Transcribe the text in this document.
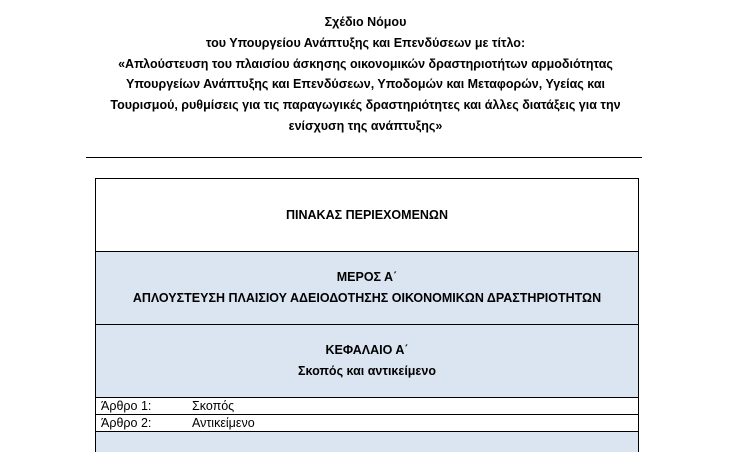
Σχέδιο Νόμου
του Υπουργείου Ανάπτυξης και Επενδύσεων με τίτλο:
«Απλούστευση του πλαισίου άσκησης οικονομικών δραστηριοτήτων αρμοδιότητας
Υπουργείων Ανάπτυξης και Επενδύσεων, Υποδομών και Μεταφορών, Υγείας και
Τουρισμού, ρυθμίσεις για τις παραγωγικές δραστηριότητες και άλλες διατάξεις για την
ενίσχυση της ανάπτυξης»
ΠΙΝΑΚΑΣ ΠΕΡΙΕΧΟΜΕΝΩΝ
ΜΕΡΟΣ Α΄
ΑΠΛΟΥΣΤΕΥΣΗ ΠΛΑΙΣΙΟΥ ΑΔΕΙΟΔΟΤΗΣΗΣ ΟΙΚΟΝΟΜΙΚΩΝ ΔΡΑΣΤΗΡΙΟΤΗΤΩΝ
ΚΕΦΑΛΑΙΟ Α΄
Σκοπός και αντικείμενο
Άρθρο 1:	Σκοπός
Άρθρο 2:	Αντικείμενο
